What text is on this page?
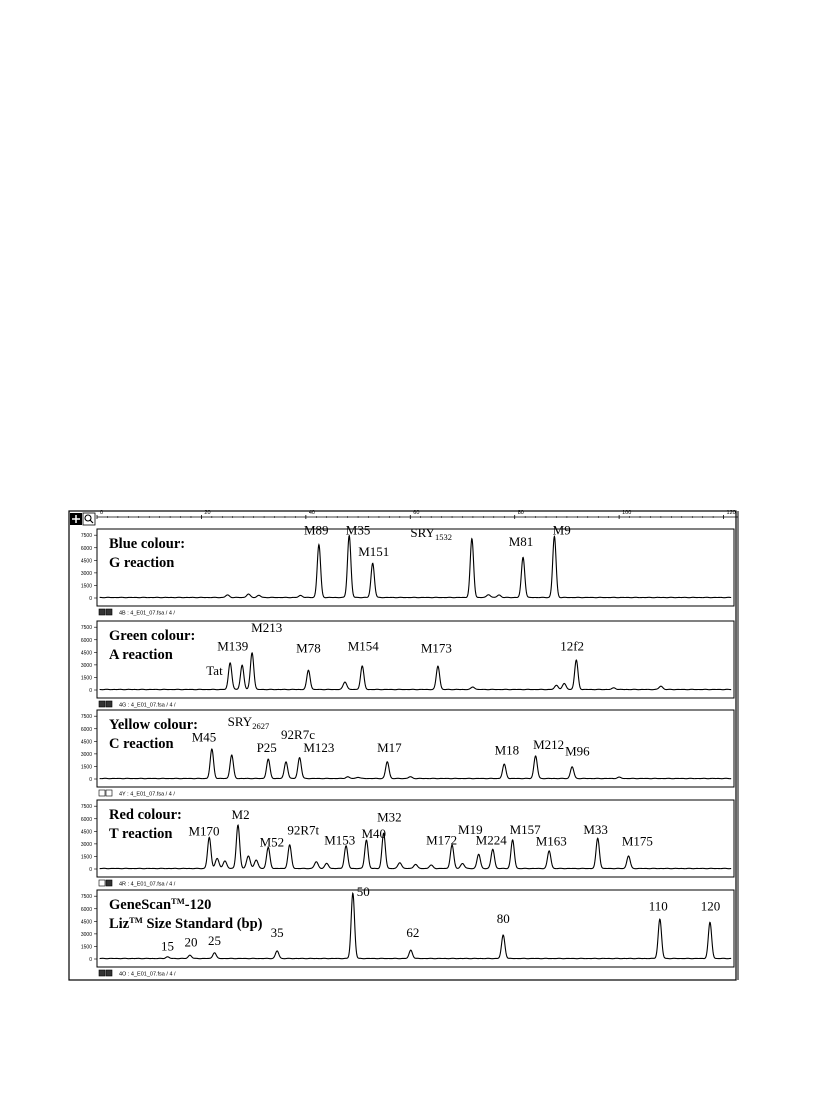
0	20	40	60	80	100	120
7500
6000
4500
3000
1500
0
M89 M35
M151
$SRY_{1532}$	M81
M9
Blue colour:
G reaction
4B : 4_E01_07.fsa / 4 /
7500
6000
4500
3000
1500
0
Tat
M139
M213
M78 M154	M173	12f2
Green colour:
A reaction
4G : 4_E01_07.fsa / 4 /
7500
6000
4500
3000
1500
0
M45
$SRY_{2627}$
P25
92R7c
M123	M17	M18 M212 M96
Yellow colour:
C reaction
4Y : 4_E01_07.fsa / 4 /
7500
6000
4500
3000
1500
0
M170
M2
M52
92R7t
M153 M40
M32
M172
M19
M224
M157
M163
M33
M175
Red colour:
T reaction
4R : 4_E01_07.fsa / 4 /
7500
6000
4500
3000
1500
0
15 20 25
35
50
62
80
110	120
GeneScan™-120
Liz™ Size Standard (bp)
4O : 4_E01_07.fsa / 4 /
